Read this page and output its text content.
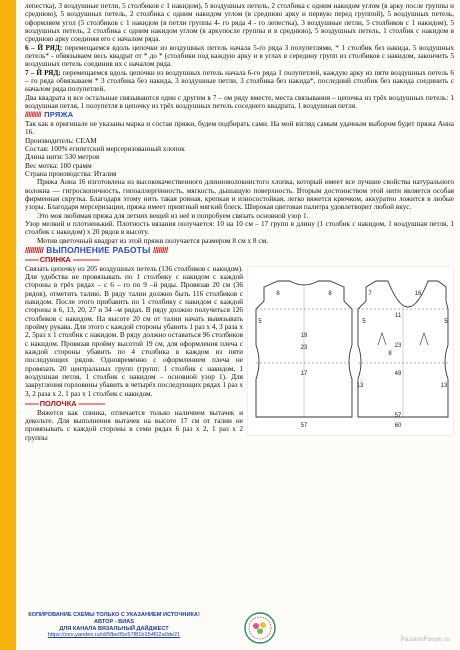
лепестка), 3 воздушные петли, 5 столбиков с 1 накидом), 5 воздушных петель, 2 столбика с одним накидом углом (в арку после группы и среднюю), 5 воздушных петель, 2 столбика с одним накидом углом (в среднюю арку и первую перед группой), 5 воздушных петель, оформляем угол (5 столбиков с 1 накидом (в петли группы 4- го ряда 4 - го лепестка), 3 воздушные петли, 5 столбиков с 1 накидом), 5 воздушных петель, 2 столбика с одним накидом углом (в аркупосле группы и в среднюю), 5 воздушных петель, 1 столбик с накидом в среднюю арку соединяя его с началом ряда.

6 – Й РЯД: перемещаемся вдоль цепочки из воздушных петель начала 5-го ряда 3 полупетлями, * 1 столбик без накида, 5 воздушных петель* - обвязываем весь квадрат от * до * (столбики под каждую арку и в углах в середину групп из столбиков с накидом, закончить 5 воздушных петель соединив их с началом ряда.

7 – Й РЯД: перемещаемся вдоль цепочки из воздушных петель начала 6-го ряда 1 полупетлей, каждую арку из пяти воздушных петель 6 – го ряда обвязываем * 3 столбика без накида, 3 воздушные петли, 3 столбика без накида*, последний столбик без накида соединить с началом ряда полупетлей.

Два квадрата и все остальные связываются один с другим в 7 – ом ряду вместе, места связывания – цепочка из трёх воздушных петель: 1 воздушная петля, 1 полупетля в цепочку из трёх воздушных петель соседнего квадрата, 1 воздушная петля.

////////// ПРЯЖА

Так как в оригинале не указаны марка и состав пряжи, будем подбирать сами. На мой взгляд самым удачным выбором будет пряжа Анна 16.

Производитель: СЕАМ

Состав: 100% египетский мерсеризованный хлопок

Длина нити: 530 метров

Вес мотка: 100 грамм

Страна производства: Италия

Пряжа Анна 16 изготовлена из высококачественного длинноволокнистого хлопка, который имеет все лучшие свойства натурального волокна — гигроскопичность, гипоаллергенность, мягкость, дышащую поверхность. Вторым достоинством этой нити является особая фирменная скрутка. Благодаря этому нить такая ровная, крепкая и износостойкая, легко вяжется крючком, аккуратно ложится в любые узоры. Благодаря мерсеризации, пряжа имеет приятный мягкий блеск. Широкая цветовая палитра удовлетворит любой вкус.

Это моя любимая пряжа для летних вещей из неё и попробуем связать основной узор 1.

Узор мелкий и плотненький. Плотность вязания получается: 10 на 10 см – 17 групп в длину (1 столбик с накидом, 1 воздушная петля, 1 столбик с накидом) х 20 рядов в высоту.

Мотив цветочный квадрат из этой пряжи получается размером 8 см х 8 см.

////////// ВЫПОЛНЕНИЕ РАБОТЫ ////////
═══ СПИНКА ══════
60
49
7	16
5
5
11
8
13	13
23
57
5
8	8
17
19
23
57

Связать цепочку из 205 воздушных петель (136 столбиков с накидом). Для удобства не провязывать по 1 столбику с накидом с каждой стороны в трёх рядах – с 6 – го по 9 –й ряды. Провязав 20 см (36 рядов), отметить талию. В ряду талии должно быть 116 столбиков с накидом. После этого прибавить по 1 столбику с накидом с каждой стороны в 6, 13, 20, 27 и 34 –м рядах. В ряду должно получиться 126 столбиков с накидом. На высоте 20 см от талии начать вывязывать пройму рукава. Для этого с каждой стороны убавить 1 раз х 4, 3 раза х 2, 5раз х 1 столбик с накидом. В ряду должно оставаться 96 столбиков с накидом. Провязав пройму высотой 19 см, для оформления плеча с каждой стороны убавить по 4 столбика в каждом из пяти последующих рядов. Одновременно с оформлением плеча не провязать 20 центральных групп (групп: 1 столбик с накидом, 1 воздушная петля, 1 столбик с накидом – основной узор 1). Для закругления горловины убавить в четырёх последующих рядах 1 раз х 3, 2 раза х 2, 1 раз х 1 столбик с накидом.

═══ ПОЛОЧКА ══════

Вяжется как спинка, отличается только наличием вытачек и декольте. Для выполнения вытачек на высоте 17 см от талии не провязывать с каждой стороны в семи рядах 6 раз х 2, 1 раз х 2 группы

КОПИРОВАНИЕ СХЕМЫ ТОЛЬКО С УКАЗАНИЕМ ИСТОЧНИКА!
АВТОР - ВИАS
ДЛЯ КАНАЛА ВЯЗАЛЬНЫЙ ДАЙДЖЕСТ
https://zen.yandex.ru/id/5fbe05e57f81b154f02a0de21
PassionForum.ru
